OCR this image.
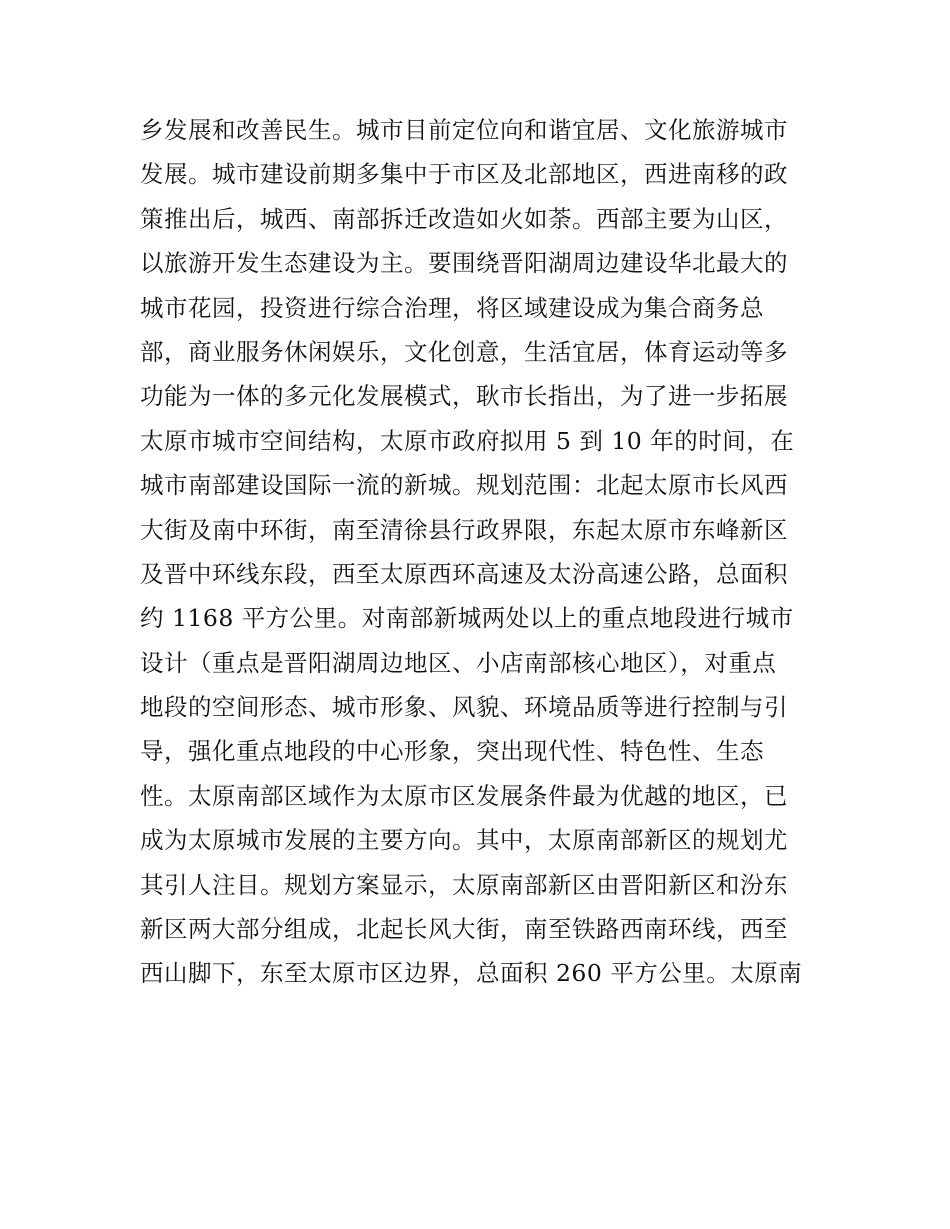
乡发展和改善民生。城市目前定位向和谐宜居、文化旅游城市
发展。城市建设前期多集中于市区及北部地区，西进南移的政
策推出后，城西、南部拆迁改造如火如荼。西部主要为山区，
以旅游开发生态建设为主。要围绕晋阳湖周边建设华北最大的
城市花园，投资进行综合治理，将区域建设成为集合商务总
部，商业服务休闲娱乐，文化创意，生活宜居，体育运动等多
功能为一体的多元化发展模式，耿市长指出，为了进一步拓展
太原市城市空间结构，太原市政府拟用 5 到 10 年的时间，在
城市南部建设国际一流的新城。规划范围：北起太原市长风西
大街及南中环街，南至清徐县行政界限，东起太原市东峰新区
及晋中环线东段，西至太原西环高速及太汾高速公路，总面积
约 1168 平方公里。对南部新城两处以上的重点地段进行城市
设计（重点是晋阳湖周边地区、小店南部核心地区），对重点
地段的空间形态、城市形象、风貌、环境品质等进行控制与引
导，强化重点地段的中心形象，突出现代性、特色性、生态
性。太原南部区域作为太原市区发展条件最为优越的地区，已
成为太原城市发展的主要方向。其中，太原南部新区的规划尤
其引人注目。规划方案显示，太原南部新区由晋阳新区和汾东
新区两大部分组成，北起长风大街，南至铁路西南环线，西至
西山脚下，东至太原市区边界，总面积 260 平方公里。太原南
